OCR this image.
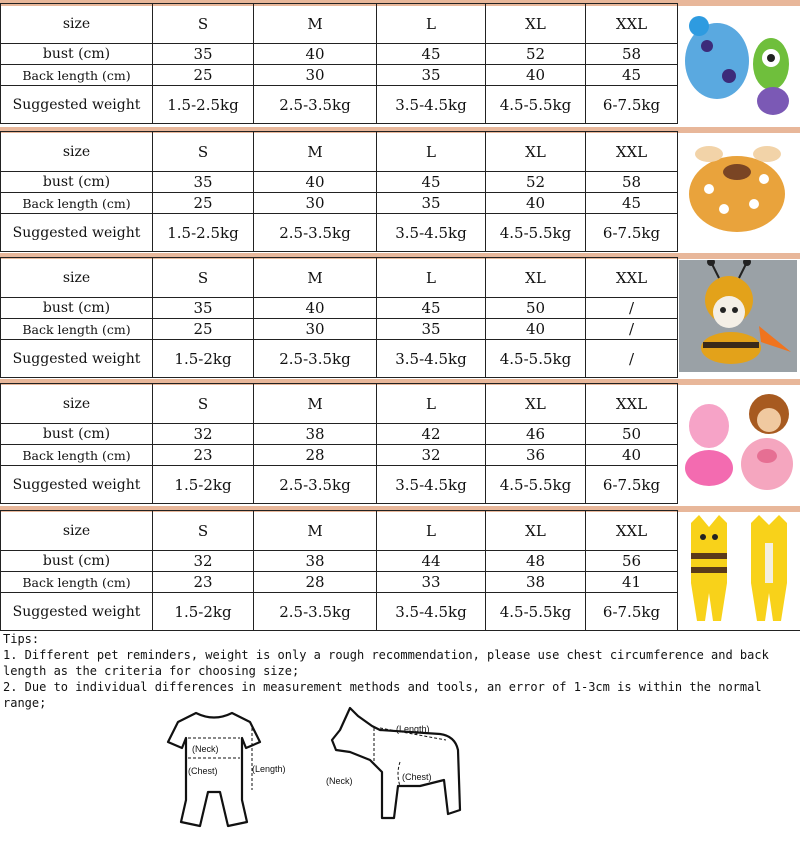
size	S	M	L	XL	XXL
bust (cm)	35	40	45	52	58
Back length (cm)	25	30	35	40	45
Suggested weight	1.5-2.5kg	2.5-3.5kg	3.5-4.5kg	4.5-5.5kg	6-7.5kg
size	S	M	L	XL	XXL
bust (cm)	35	40	45	52	58
Back length (cm)	25	30	35	40	45
Suggested weight	1.5-2.5kg	2.5-3.5kg	3.5-4.5kg	4.5-5.5kg	6-7.5kg
size	S	M	L	XL	XXL
bust (cm)	35	40	45	50	/
Back length (cm)	25	30	35	40	/
Suggested weight	1.5-2kg	2.5-3.5kg	3.5-4.5kg	4.5-5.5kg	/
size	S	M	L	XL	XXL
bust (cm)	32	38	42	46	50
Back length (cm)	23	28	32	36	40
Suggested weight	1.5-2kg	2.5-3.5kg	3.5-4.5kg	4.5-5.5kg	6-7.5kg
size	S	M	L	XL	XXL
bust (cm)	32	38	44	48	56
Back length (cm)	23	28	33	38	41
Suggested weight	1.5-2kg	2.5-3.5kg	3.5-4.5kg	4.5-5.5kg	6-7.5kg

Tips:

1. Different pet reminders, weight is only a rough recommendation, please use chest circumference and back length as the criteria for choosing size;

2. Due to individual differences in measurement methods and tools, an error of 1-3cm is within the normal range;

(Neck)
(Chest)	(Length)
(Length)
(Neck)	(Chest)
